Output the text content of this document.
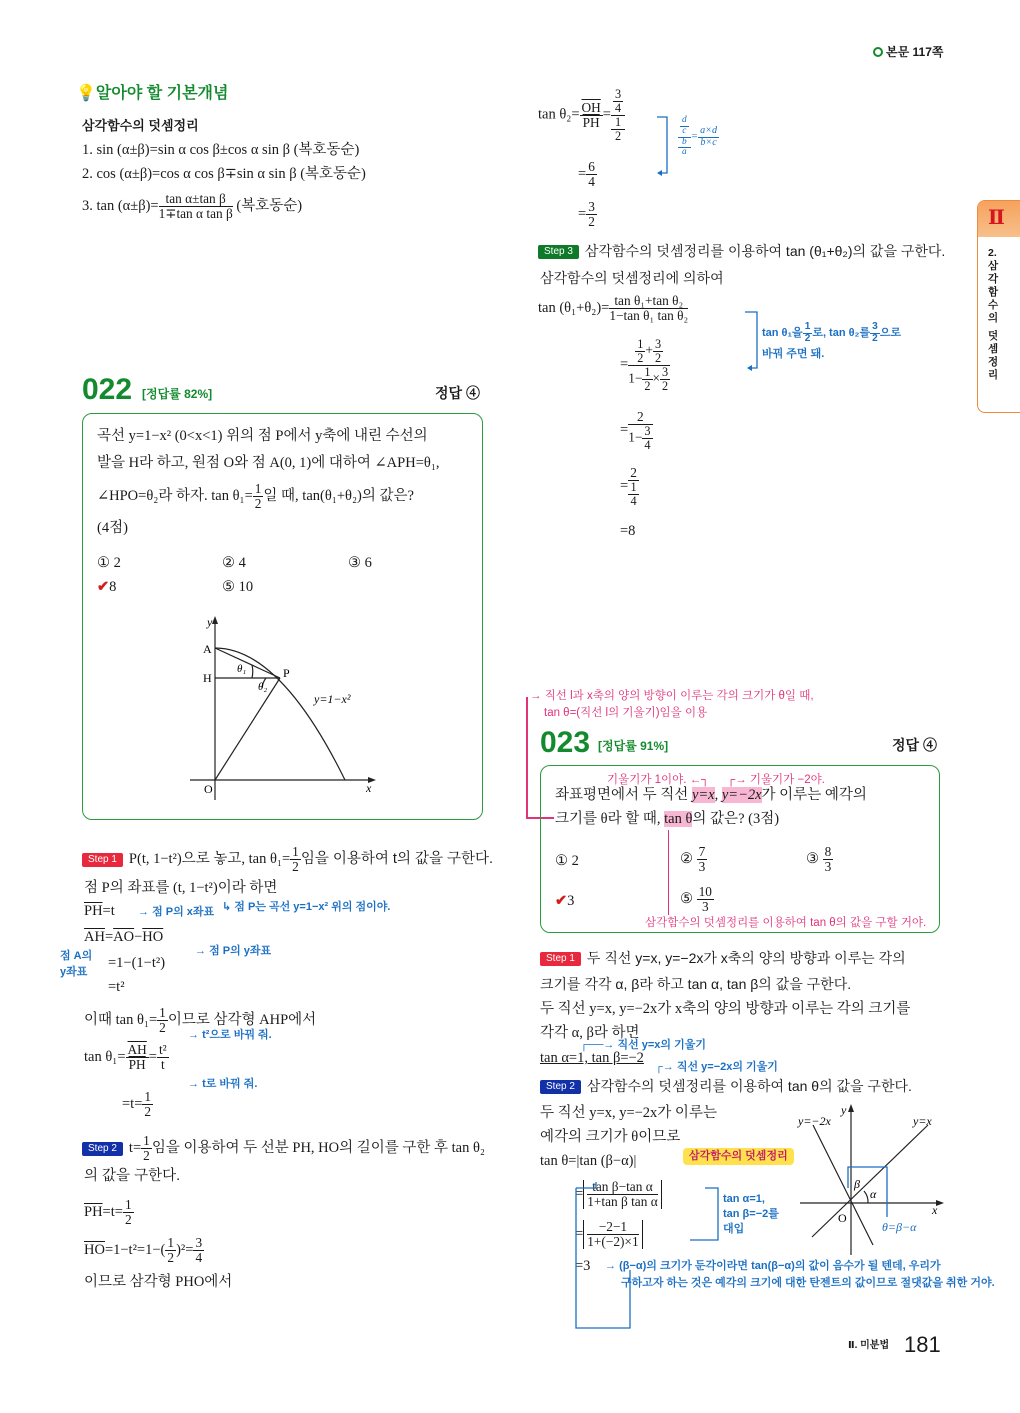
본문 117쪽
Ⅱ
2.
삼
각
함
수
의
덧
셈
정
리
💡알아야 할 기본개념
삼각함수의 덧셈정리
1. sin (α±β)=sin α cos β±cos α sin β (복호동순)
2. cos (α±β)=cos α cos β∓sin α sin β (복호동순)
3. $\tan (\alpha\pm\beta)= \frac{\text{tan α±tan β}}{\text{1∓tan α tan β}}$ (복호동순)
022 [정답률 82%]	정답 ④
곡선 y=1−x² (0<x<1) 위의 점 P에서 y축에 내린 수선의
발을 H라 하고, 원점 O와 점 A(0, 1)에 대하여 ∠APH=θ₁,
∠HPO=θ₂라 하자. $\tan \theta_1= \frac{1}{2}$ 일 때, tan(θ₁+θ₂)의 값은?
(4점)
① 2	② 4	③ 6
✔8	⑤ 10
y
A
H
θ₁
θ₂
P
y=1−x²
O	x
Step 1 P(t, 1−t²)으로 놓고, $\tan \theta_1= \frac{1}{2}$ 임을 이용하여 t의 값을 구한다.
점 P의 좌표를 (t, 1−t²)이라 하면
$\overline{PH}=t$ → 점 P의 x좌표 ↳ 점 P는 곡선 y=1−x² 위의 점이야.
$\overline{AH}=\overline{AO}-\overline{HO}$
점 A의
y좌표
→ 점 P의 y좌표
=1−(1−t²)
=t²
이때 $\tan \theta_1= \frac{1}{2}$ 이므로 삼각형 AHP에서
→ t²으로 바꿔 줘.
$\tan \theta_1= \frac{\overline{AH}}{PH} = \frac{\text{t²}}{t}$
→ t로 바꿔 줘.
$=t= \frac{1}{2}$
Step 2 $t= \frac{1}{2}$ 임을 이용하여 두 선분 PH, HO의 길이를 구한 후 tan θ₂
의 값을 구한다.
$\overline{PH}=t= \frac{1}{2}$
$\overline{HO}=1-t^2=1-( \frac{1}{2} )^2= \frac{3}{4}$
이므로 삼각형 PHO에서
$\tan \theta_2= \frac{\overline{OH}}{PH} = \frac{\frac{3}{4}}{\frac{1}{2}}$	$\frac{\frac{d}{c}}{\frac{b}{a}} = \frac{a\times d}{b\times c}$
= $\frac{6}{4}$
= $\frac{3}{2}$
Step 3 삼각함수의 덧셈정리를 이용하여 tan (θ₁+θ₂)의 값을 구한다.
삼각함수의 덧셈정리에 의하여
$\tan (\theta_1+\theta_2)= \frac{\text{tan θ₁+tan θ₂}}{\text{1−tan θ₁ tan θ₂}}$
tan θ₁을 $\frac{1}{2}$ 로, tan θ₂를 $\frac{3}{2}$ 으로
바꿔 주면 돼.
= $\frac{\frac{1}{2} + \frac{3}{2}}{1- \frac{1}{2} \times \frac{3}{2}}$
= $\frac{2}{1- \frac{3}{4}}$
= $\frac{2}{\frac{1}{4}}$
=8
→ 직선 l과 x축의 양의 방향이 이루는 각의 크기가 θ일 때,
tan θ=(직선 l의 기울기)임을 이용
023 [정답률 91%]	정답 ④
기울기가 1이야. ←┐ ┌→ 기울기가 −2야.
좌표평면에서 두 직선 y=x, y=−2x가 이루는 예각의
크기를 θ라 할 때, tan θ의 값은? (3점)
① 2	② $\frac{7}{3}$	③ $\frac{8}{3}$
✔3	⑤ $\frac{10}{3}$
삼각함수의 덧셈정리를 이용하여 tan θ의 값을 구할 거야.
Step 1 두 직선 y=x, y=−2x가 x축의 양의 방향과 이루는 각의
크기를 각각 α, β라 하고 tan α, tan β의 값을 구한다.
두 직선 y=x, y=−2x가 x축의 양의 방향과 이루는 각의 크기를
각각 α, β라 하면
┌──→ 직선 y=x의 기울기
tan α=1, tan β=−2
┌→ 직선 y=−2x의 기울기
Step 2 삼각함수의 덧셈정리를 이용하여 tan θ의 값을 구한다.
두 직선 y=x, y=−2x가 이루는
예각의 크기가 θ이므로
tan θ=|tan (β−α)|	삼각함수의 덧셈정리
= $\frac{\text{tan β−tan α}}{\text{1+tan β tan α}}$
= $\frac{-2-1}{1+(-2)\times 1}$
=3
tan α=1,
tan β=−2를
대입
→ (β−α)의 크기가 둔각이라면 tan(β−α)의 값이 음수가 될 텐데, 우리가
구하고자 하는 것은 예각의 크기에 대한 탄젠트의 값이므로 절댓값을 취한 거야.
y=−2x	y=x
y
x
O
β
α
θ=β−α
Ⅱ. 미분법 181
